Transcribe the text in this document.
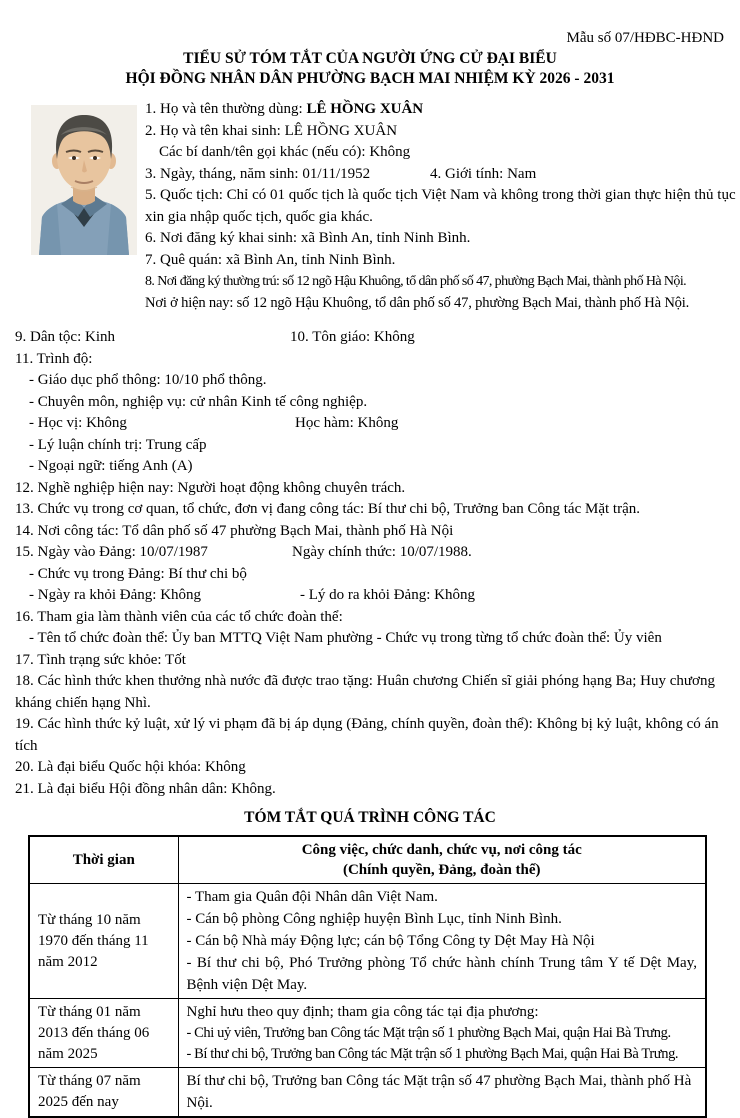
Mẫu số 07/HĐBC-HĐND
TIỂU SỬ TÓM TẮT CỦA NGƯỜI ỨNG CỬ ĐẠI BIỂU
HỘI ĐỒNG NHÂN DÂN PHƯỜNG BẠCH MAI NHIỆM KỲ 2026 - 2031

1. Họ và tên thường dùng: LÊ HỒNG XUÂN

2. Họ và tên khai sinh: LÊ HỒNG XUÂN

Các bí danh/tên gọi khác (nếu có): Không

3. Ngày, tháng, năm sinh: 01/11/1952	4. Giới tính: Nam

5. Quốc tịch: Chỉ có 01 quốc tịch là quốc tịch Việt Nam và không trong thời gian thực hiện thủ tục xin gia nhập quốc tịch, quốc gia khác.

6. Nơi đăng ký khai sinh: xã Bình An, tỉnh Ninh Bình.

7. Quê quán: xã Bình An, tỉnh Ninh Bình.

8. Nơi đăng ký thường trú: số 12 ngõ Hậu Khuông, tổ dân phố số 47, phường Bạch Mai, thành phố Hà Nội.

Nơi ở hiện nay: số 12 ngõ Hậu Khuông, tổ dân phố số 47, phường Bạch Mai, thành phố Hà Nội.

9. Dân tộc: Kinh	10. Tôn giáo: Không

11. Trình độ:

- Giáo dục phổ thông: 10/10 phổ thông.

- Chuyên môn, nghiệp vụ: cử nhân Kinh tế công nghiệp.

- Học vị: Không	Học hàm: Không

- Lý luận chính trị: Trung cấp

- Ngoại ngữ: tiếng Anh (A)

12. Nghề nghiệp hiện nay: Người hoạt động không chuyên trách.

13. Chức vụ trong cơ quan, tổ chức, đơn vị đang công tác: Bí thư chi bộ, Trưởng ban Công tác Mặt trận.

14. Nơi công tác: Tổ dân phố số 47 phường Bạch Mai, thành phố Hà Nội

15. Ngày vào Đảng: 10/07/1987	Ngày chính thức: 10/07/1988.

- Chức vụ trong Đảng: Bí thư chi bộ

- Ngày ra khỏi Đảng: Không	- Lý do ra khỏi Đảng: Không

16. Tham gia làm thành viên của các tổ chức đoàn thể:

- Tên tổ chức đoàn thể: Ủy ban MTTQ Việt Nam phường - Chức vụ trong từng tổ chức đoàn thể: Ủy viên

17. Tình trạng sức khỏe: Tốt

18. Các hình thức khen thưởng nhà nước đã được trao tặng: Huân chương Chiến sĩ giải phóng hạng Ba; Huy chương kháng chiến hạng Nhì.

19. Các hình thức kỷ luật, xử lý vi phạm đã bị áp dụng (Đảng, chính quyền, đoàn thể): Không bị kỷ luật, không có án tích

20. Là đại biểu Quốc hội khóa: Không

21. Là đại biểu Hội đồng nhân dân: Không.

TÓM TẮT QUÁ TRÌNH CÔNG TÁC
Thời gian	Công việc, chức danh, chức vụ, nơi công tác
(Chính quyền, Đảng, đoàn thể)

Từ tháng 10 năm 1970 đến tháng 11 năm 2012	- Tham gia Quân đội Nhân dân Việt Nam.
- Cán bộ phòng Công nghiệp huyện Bình Lục, tỉnh Ninh Bình.
- Cán bộ Nhà máy Động lực; cán bộ Tổng Công ty Dệt May Hà Nội
- Bí thư chi bộ, Phó Trưởng phòng Tổ chức hành chính Trung tâm Y tế Dệt May, Bệnh viện Dệt May.

Từ tháng 01 năm 2013 đến tháng 06 năm 2025	Nghỉ hưu theo quy định; tham gia công tác tại địa phương:
- Chi uỷ viên, Trưởng ban Công tác Mặt trận số 1 phường Bạch Mai, quận Hai Bà Trưng.
- Bí thư chi bộ, Trưởng ban Công tác Mặt trận số 1 phường Bạch Mai, quận Hai Bà Trưng.

Từ tháng 07 năm 2025 đến nay	Bí thư chi bộ, Trưởng ban Công tác Mặt trận số 47 phường Bạch Mai, thành phố Hà Nội.
